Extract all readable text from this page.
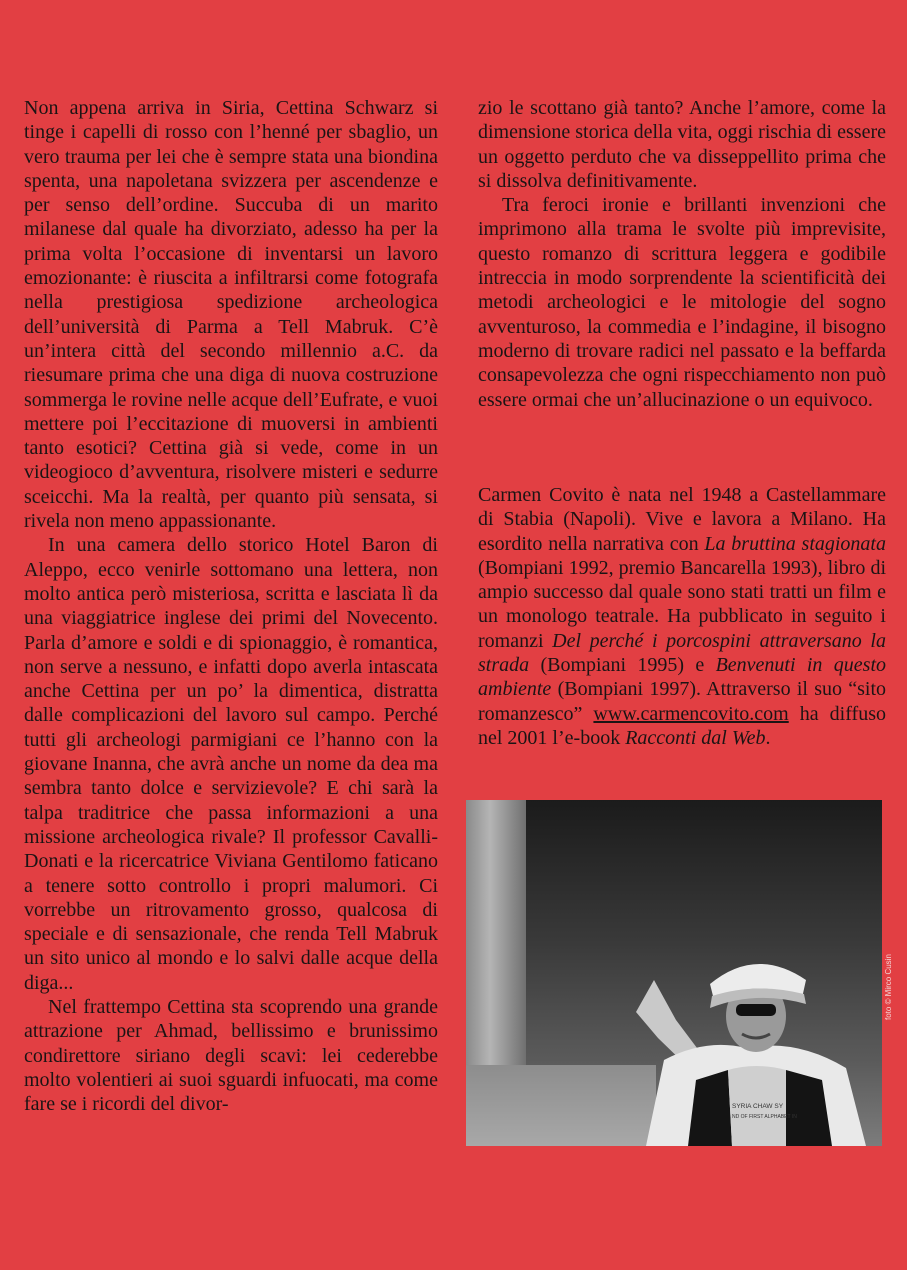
Non appena arriva in Siria, Cettina Schwarz si tinge i capelli di rosso con l’henné per sbaglio, un vero trauma per lei che è sempre stata una biondina spenta, una napoletana svizzera per ascendenze e per senso dell’ordine. Succuba di un marito milanese dal quale ha divorziato, adesso ha per la prima volta l’occasione di inventarsi un lavoro emozionante: è riuscita a infiltrarsi come fotografa nella prestigiosa spedizione archeologica dell’università di Parma a Tell Mabruk. C’è un’intera città del secondo millennio a.C. da riesumare prima che una diga di nuova costruzione sommerga le rovine nelle acque dell’Eufrate, e vuoi mettere poi l’eccitazione di muoversi in ambienti tanto esotici? Cettina già si vede, come in un videogioco d’avventura, risolvere misteri e sedurre sceicchi. Ma la realtà, per quanto più sensata, si rivela non meno appassionante.

In una camera dello storico Hotel Baron di Aleppo, ecco venirle sottomano una lettera, non molto antica però misteriosa, scritta e lasciata lì da una viaggiatrice inglese dei primi del Novecento. Parla d’amore e soldi e di spionaggio, è romantica, non serve a nessuno, e infatti dopo averla intascata anche Cettina per un po’ la dimentica, distratta dalle complicazioni del lavoro sul campo. Perché tutti gli archeologi parmigiani ce l’hanno con la giovane Inanna, che avrà anche un nome da dea ma sembra tanto dolce e servizievole? E chi sarà la talpa traditrice che passa informazioni a una missione archeologica rivale? Il professor Cavalli-Donati e la ricercatrice Viviana Gentilomo faticano a tenere sotto controllo i propri malumori. Ci vorrebbe un ritrovamento grosso, qualcosa di speciale e di sensazionale, che renda Tell Mabruk un sito unico al mondo e lo salvi dalle acque della diga...

Nel frattempo Cettina sta scoprendo una grande attrazione per Ahmad, bellissimo e brunissimo condirettore siriano degli scavi: lei cederebbe molto volentieri ai suoi sguardi infuocati, ma come fare se i ricordi del divor-

zio le scottano già tanto? Anche l’amore, come la dimensione storica della vita, oggi rischia di essere un oggetto perduto che va disseppellito prima che si dissolva definitivamente.

Tra feroci ironie e brillanti invenzioni che imprimono alla trama le svolte più imprevisite, questo romanzo di scrittura leggera e godibile intreccia in modo sorprendente la scientificità dei metodi archeologici e le mitologie del sogno avventuroso, la commedia e l’indagine, il bisogno moderno di trovare radici nel passato e la beffarda consapevolezza che ogni rispecchiamento non può essere ormai che un’allucinazione o un equivoco.

Carmen Covito è nata nel 1948 a Castellammare di Stabia (Napoli). Vive e lavora a Milano. Ha esordito nella narrativa con La bruttina stagionata (Bompiani 1992, premio Bancarella 1993), libro di ampio successo dal quale sono stati tratti un film e un monologo teatrale. Ha pubblicato in seguito i romanzi Del perché i porcospini attraversano la strada (Bompiani 1995) e Benvenuti in questo ambiente (Bompiani 1997). Attraverso il suo “sito romanzesco” www.carmencovito.com ha diffuso nel 2001 l’e-book Racconti dal Web.

SYRIA CHAW SY
ND OF FIRST ALPHABET IN
foto © Mirco Cusin
